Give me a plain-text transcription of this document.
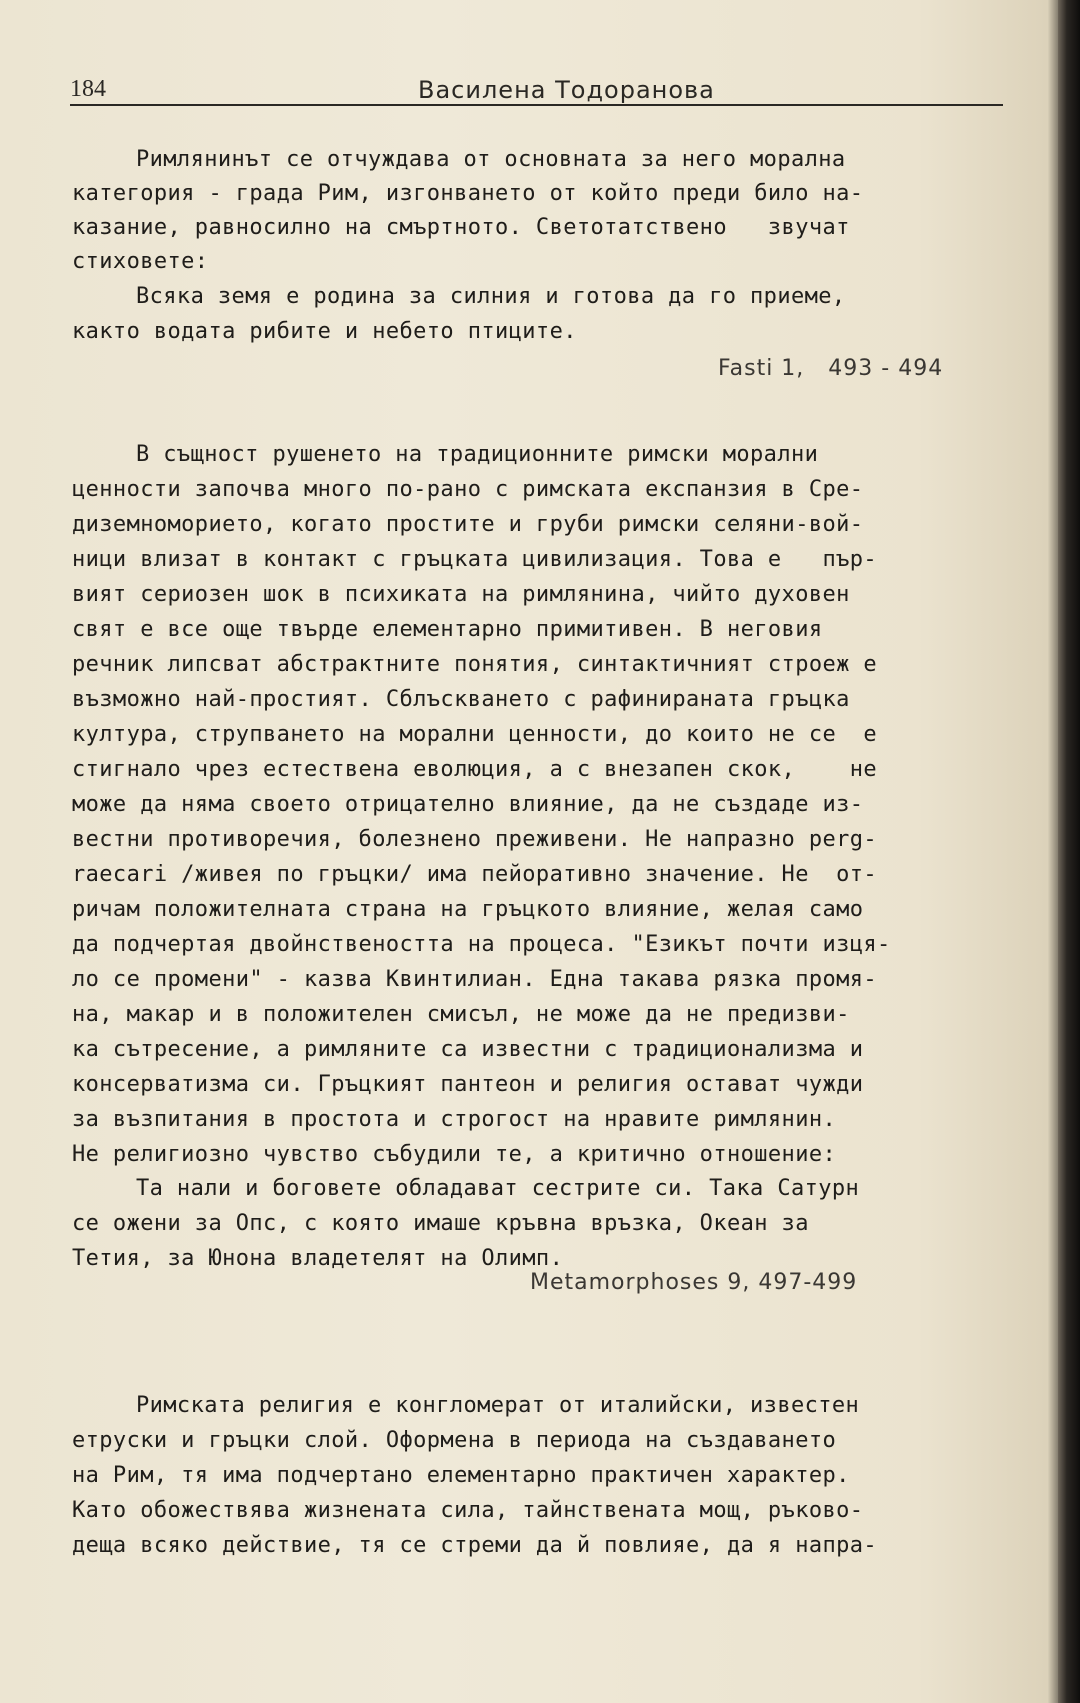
184	Василена Тодоранова
Римлянинът се отчуждава от основната за него морална
категория - града Рим, изгонването от който преди било на-
казание, равносилно на смъртното. Светотатствено   звучат
стиховете:
Всяка земя е родина за силния и готова да го приеме,
както водата рибите и небето птиците.
Fasti 1,   493 - 494
В същност рушенето на традиционните римски морални
ценности започва много по-рано с римската експанзия в Сре-
диземноморието, когато простите и груби римски селяни-вой-
ници влизат в контакт с гръцката цивилизация. Това е   пър-
вият сериозен шок в психиката на римлянина, чийто духовен
свят е все още твърде елементарно примитивен. В неговия
речник липсват абстрактните понятия, синтактичният строеж е
възможно най-простият. Сблъскването с рафинираната гръцка
култура, струпването на морални ценности, до които не се  е
стигнало чрез естествена еволюция, а с внезапен скок,    не
може да няма своето отрицателно влияние, да не създаде из-
вестни противоречия, болезнено преживени. Не напразно perg-
raecari /живея по гръцки/ има пейоративно значение. Не  от-
ричам положителната страна на гръцкото влияние, желая само
да подчертая двойнствеността на процеса. "Езикът почти изця-
ло се промени" - казва Квинтилиан. Една такава рязка промя-
на, макар и в положителен смисъл, не може да не предизви-
ка сътресение, а римляните са известни с традиционализма и
консерватизма си. Гръцкият пантеон и религия остават чужди
за възпитания в простота и строгост на нравите римлянин.
Не религиозно чувство събудили те, а критично отношение:
Та нали и боговете обладават сестрите си. Така Сатурн
се ожени за Опс, с която имаше кръвна връзка, Океан за
Тетия, за Юнона владетелят на Олимп.
Metamorphoses 9, 497-499
Римската религия е конгломерат от италийски, известен
етруски и гръцки слой. Оформена в периода на създаването
на Рим, тя има подчертано елементарно практичен характер.
Като обожествява жизнената сила, тайнствената мощ, ръково-
деща всяко действие, тя се стреми да й повлияе, да я напра-
